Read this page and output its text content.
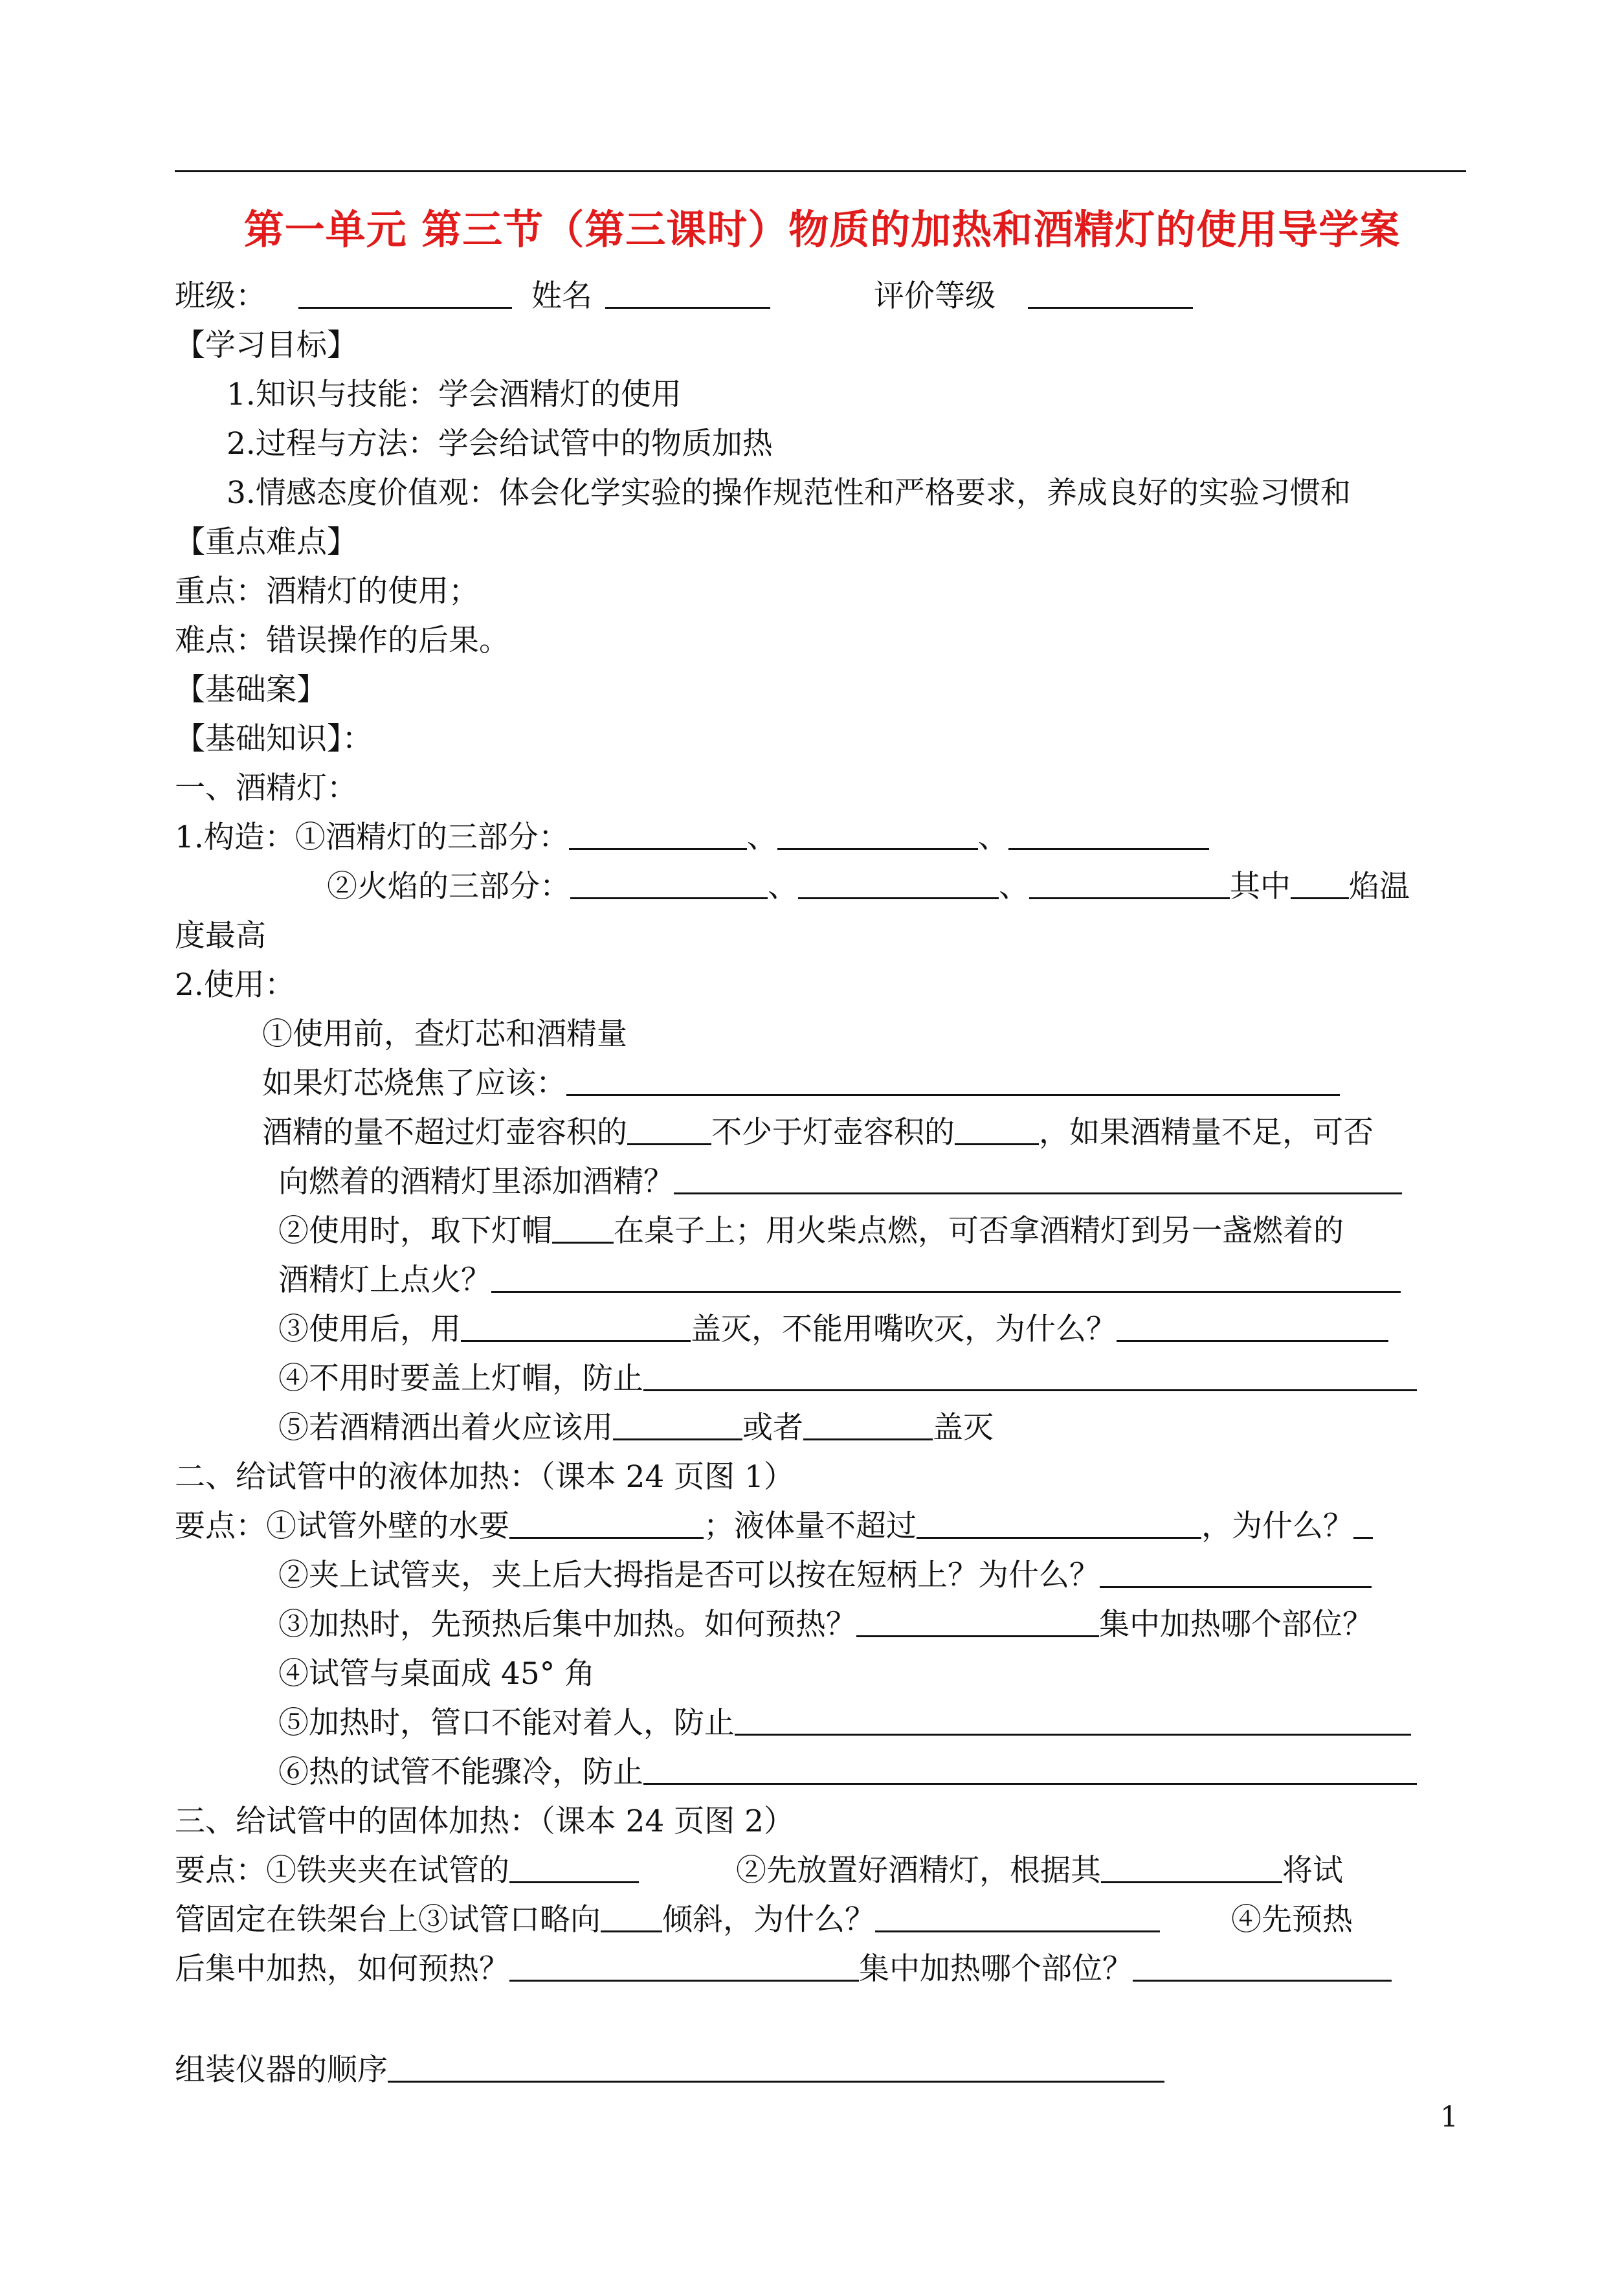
第一单元 第三节（第三课时）物质的加热和酒精灯的使用导学案
班级：	姓名	评价等级
【学习目标】
1.知识与技能：学会酒精灯的使用
2.过程与方法：学会给试管中的物质加热
3.情感态度价值观：体会化学实验的操作规范性和严格要求，养成良好的实验习惯和
【重点难点】
重点：酒精灯的使用；
难点：错误操作的后果。
【基础案】
【基础知识】：
一、酒精灯：
1.构造：①酒精灯的三部分：	、	、
②火焰的三部分：	、	、	其中 焰温
度最高
2.使用：
①使用前，查灯芯和酒精量
如果灯芯烧焦了应该：
酒精的量不超过灯壶容积的	不少于灯壶容积的	，如果酒精量不足，可否
向燃着的酒精灯里添加酒精？
②使用时，取下灯帽 在桌子上；用火柴点燃，可否拿酒精灯到另一盏燃着的
酒精灯上点火？
③使用后，用	盖灭，不能用嘴吹灭，为什么？
④不用时要盖上灯帽，防止
⑤若酒精洒出着火应该用	或者	盖灭
二、给试管中的液体加热：（课本 24 页图 1）
要点：①试管外壁的水要	；液体量不超过	，为什么？
②夹上试管夹，夹上后大拇指是否可以按在短柄上？为什么？
③加热时，先预热后集中加热。如何预热？	集中加热哪个部位？
④试管与桌面成 45° 角
⑤加热时，管口不能对着人，防止
⑥热的试管不能骤冷，防止
三、给试管中的固体加热：（课本 24 页图 2）
要点：①铁夹夹在试管的	②先放置好酒精灯，根据其	将试
管固定在铁架台上③试管口略向 倾斜，为什么？	④先预热
后集中加热，如何预热？	集中加热哪个部位？
组装仪器的顺序
1
